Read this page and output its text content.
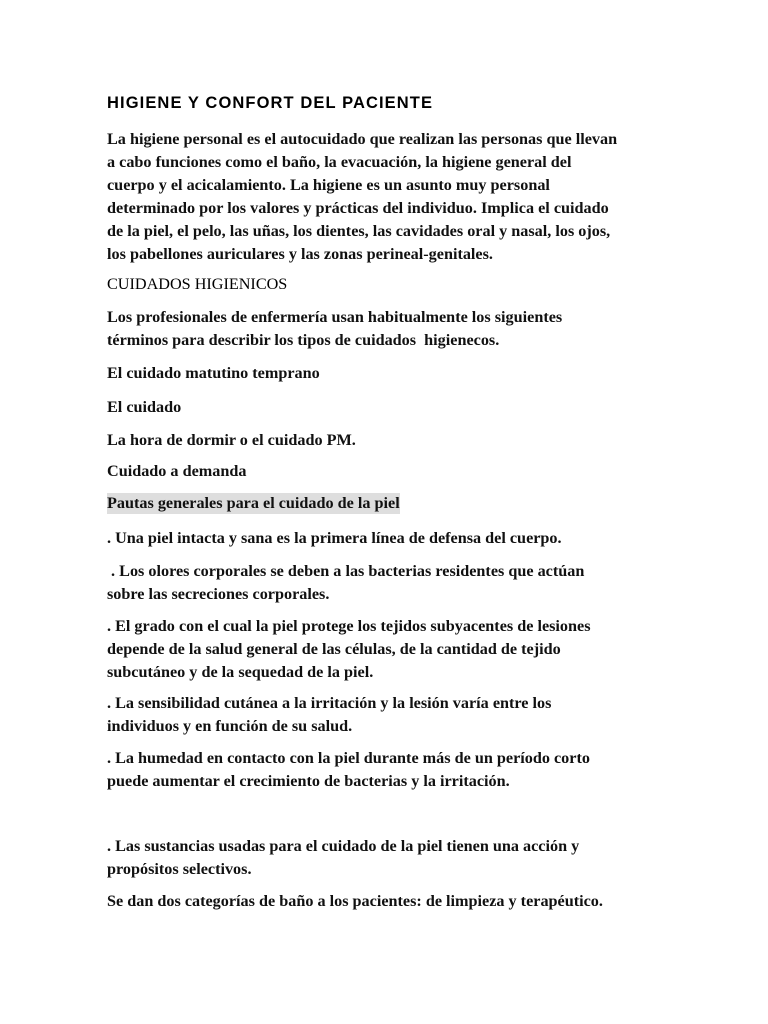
HIGIENE Y CONFORT DEL PACIENTE

La higiene personal es el autocuidado que realizan las personas que llevan
a cabo funciones como el baño, la evacuación, la higiene general del
cuerpo y el acicalamiento. La higiene es un asunto muy personal
determinado por los valores y prácticas del individuo. Implica el cuidado
de la piel, el pelo, las uñas, los dientes, las cavidades oral y nasal, los ojos,
los pabellones auriculares y las zonas perineal-genitales.

CUIDADOS HIGIENICOS

Los profesionales de enfermería usan habitualmente los siguientes
términos para describir los tipos de cuidados  higienecos.

El cuidado matutino temprano

El cuidado

La hora de dormir o el cuidado PM.

Cuidado a demanda

Pautas generales para el cuidado de la piel

. Una piel intacta y sana es la primera línea de defensa del cuerpo.

. Los olores corporales se deben a las bacterias residentes que actúan
sobre las secreciones corporales.

. El grado con el cual la piel protege los tejidos subyacentes de lesiones
depende de la salud general de las células, de la cantidad de tejido
subcutáneo y de la sequedad de la piel.

. La sensibilidad cutánea a la irritación y la lesión varía entre los
individuos y en función de su salud.

. La humedad en contacto con la piel durante más de un período corto
puede aumentar el crecimiento de bacterias y la irritación.

. Las sustancias usadas para el cuidado de la piel tienen una acción y
propósitos selectivos.

Se dan dos categorías de baño a los pacientes: de limpieza y terapéutico.
